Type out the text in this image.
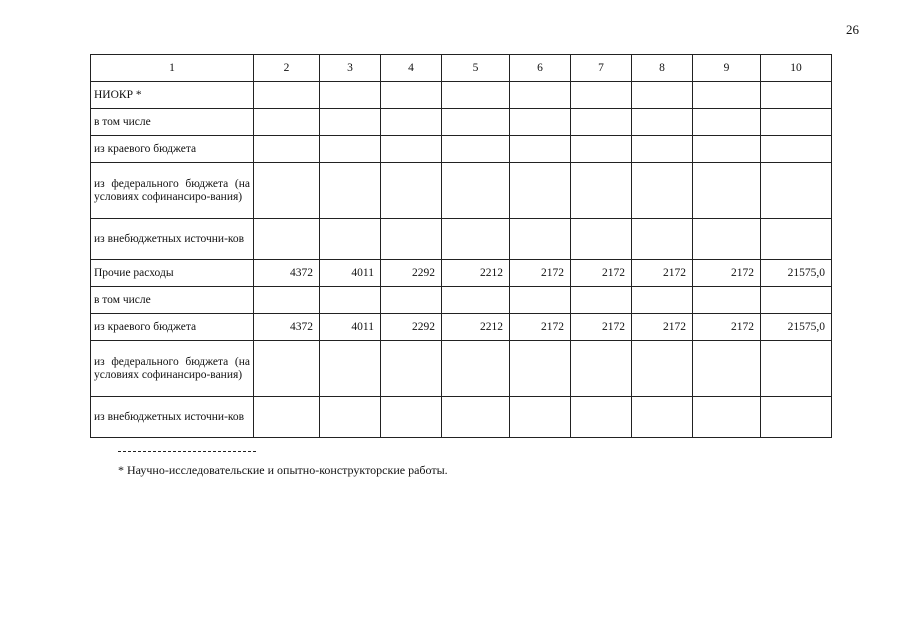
26
1	2	3	4	5	6	7	8	9	10
НИОКР *									
в том числе									
из краевого бюджета									
из федерального бюджета (на условиях софинансиро-вания)									
из внебюджетных источни-ков									
Прочие расходы	4372	4011	2292	2212	2172	2172	2172	2172	21575,0
в том числе									
из краевого бюджета	4372	4011	2292	2212	2172	2172	2172	2172	21575,0
из федерального бюджета (на условиях софинансиро-вания)									
из внебюджетных источни-ков									
* Научно-исследовательские и опытно-конструкторские работы.
